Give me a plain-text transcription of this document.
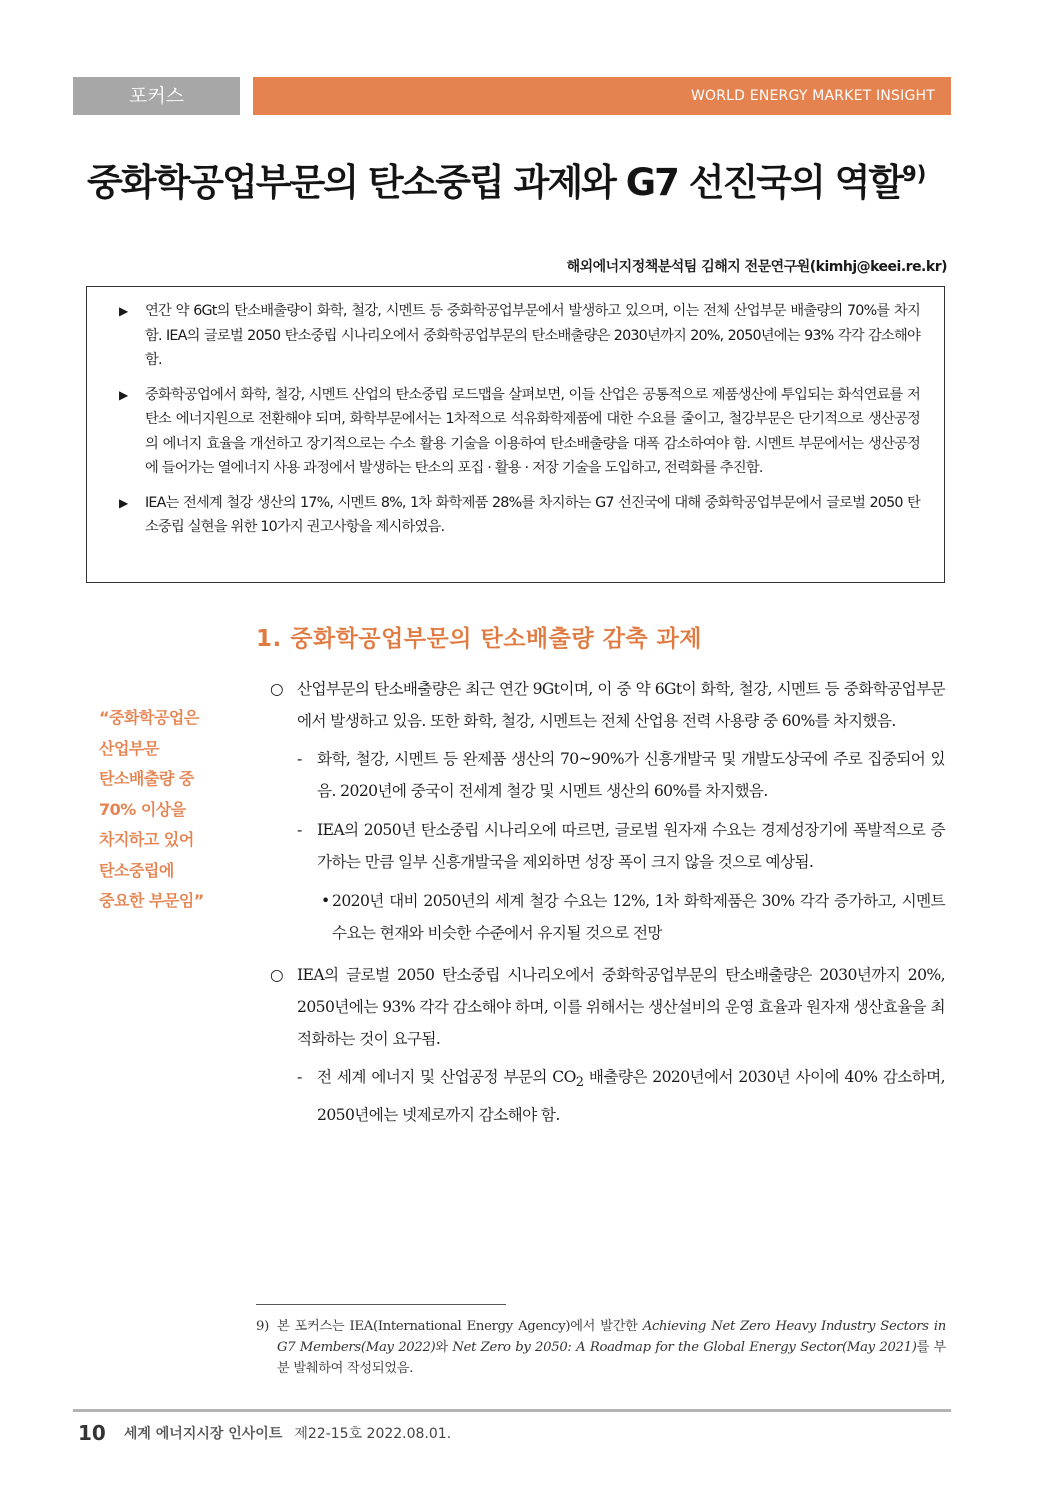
포커스	WORLD ENERGY MARKET INSIGHT
중화학공업부문의 탄소중립 과제와 G7 선진국의 역할$^{9)}$
해외에너지정책분석팀 김해지 전문연구원(kimhj@keei.re.kr)
▶	연간 약 6Gt의 탄소배출량이 화학, 철강, 시멘트 등 중화학공업부문에서 발생하고 있으며, 이는 전체 산업부문 배출량의 70%를 차지함. IEA의 글로벌 2050 탄소중립 시나리오에서 중화학공업부문의 탄소배출량은 2030년까지 20%, 2050년에는 93% 각각 감소해야 함.
▶	중화학공업에서 화학, 철강, 시멘트 산업의 탄소중립 로드맵을 살펴보면, 이들 산업은 공통적으로 제품생산에 투입되는 화석연료를 저탄소 에너지원으로 전환해야 되며, 화학부문에서는 1차적으로 석유화학제품에 대한 수요를 줄이고, 철강부문은 단기적으로 생산공정의 에너지 효율을 개선하고 장기적으로는 수소 활용 기술을 이용하여 탄소배출량을 대폭 감소하여야 함. 시멘트 부문에서는 생산공정에 들어가는 열에너지 사용 과정에서 발생하는 탄소의 포집 · 활용 · 저장 기술을 도입하고, 전력화를 추진함.
▶	IEA는 전세계 철강 생산의 17%, 시멘트 8%, 1차 화학제품 28%를 차지하는 G7 선진국에 대해 중화학공업부문에서 글로벌 2050 탄소중립 실현을 위한 10가지 권고사항을 제시하였음.
1. 중화학공업부문의 탄소배출량 감축 과제
“중화학공업은
산업부문
탄소배출량 중
70% 이상을
차지하고 있어
탄소중립에
중요한 부문임”
○ 산업부문의 탄소배출량은 최근 연간 9Gt이며, 이 중 약 6Gt이 화학, 철강, 시멘트 등 중화학공업부문에서 발생하고 있음. 또한 화학, 철강, 시멘트는 전체 산업용 전력 사용량 중 60%를 차지했음.
- 화학, 철강, 시멘트 등 완제품 생산의 70~90%가 신흥개발국 및 개발도상국에 주로 집중되어 있음. 2020년에 중국이 전세계 철강 및 시멘트 생산의 60%를 차지했음.
- IEA의 2050년 탄소중립 시나리오에 따르면, 글로벌 원자재 수요는 경제성장기에 폭발적으로 증가하는 만큼 일부 신흥개발국을 제외하면 성장 폭이 크지 않을 것으로 예상됨.
• 2020년 대비 2050년의 세계 철강 수요는 12%, 1차 화학제품은 30% 각각 증가하고, 시멘트 수요는 현재와 비슷한 수준에서 유지될 것으로 전망
○ IEA의 글로벌 2050 탄소중립 시나리오에서 중화학공업부문의 탄소배출량은 2030년까지 20%, 2050년에는 93% 각각 감소해야 하며, 이를 위해서는 생산설비의 운영 효율과 원자재 생산효율을 최적화하는 것이 요구됨.
- 전 세계 에너지 및 산업공정 부문의 $CO_2$ 배출량은 2020년에서 2030년 사이에 40% 감소하며, 2050년에는 넷제로까지 감소해야 함.
9) 본 포커스는 IEA(International Energy Agency)에서 발간한 Achieving Net Zero Heavy Industry Sectors in G7 Members(May 2022)와 Net Zero by 2050: A Roadmap for the Global Energy Sector(May 2021)를 부분 발췌하여 작성되었음.
10 세계 에너지시장 인사이트 제22-15호 2022.08.01.
